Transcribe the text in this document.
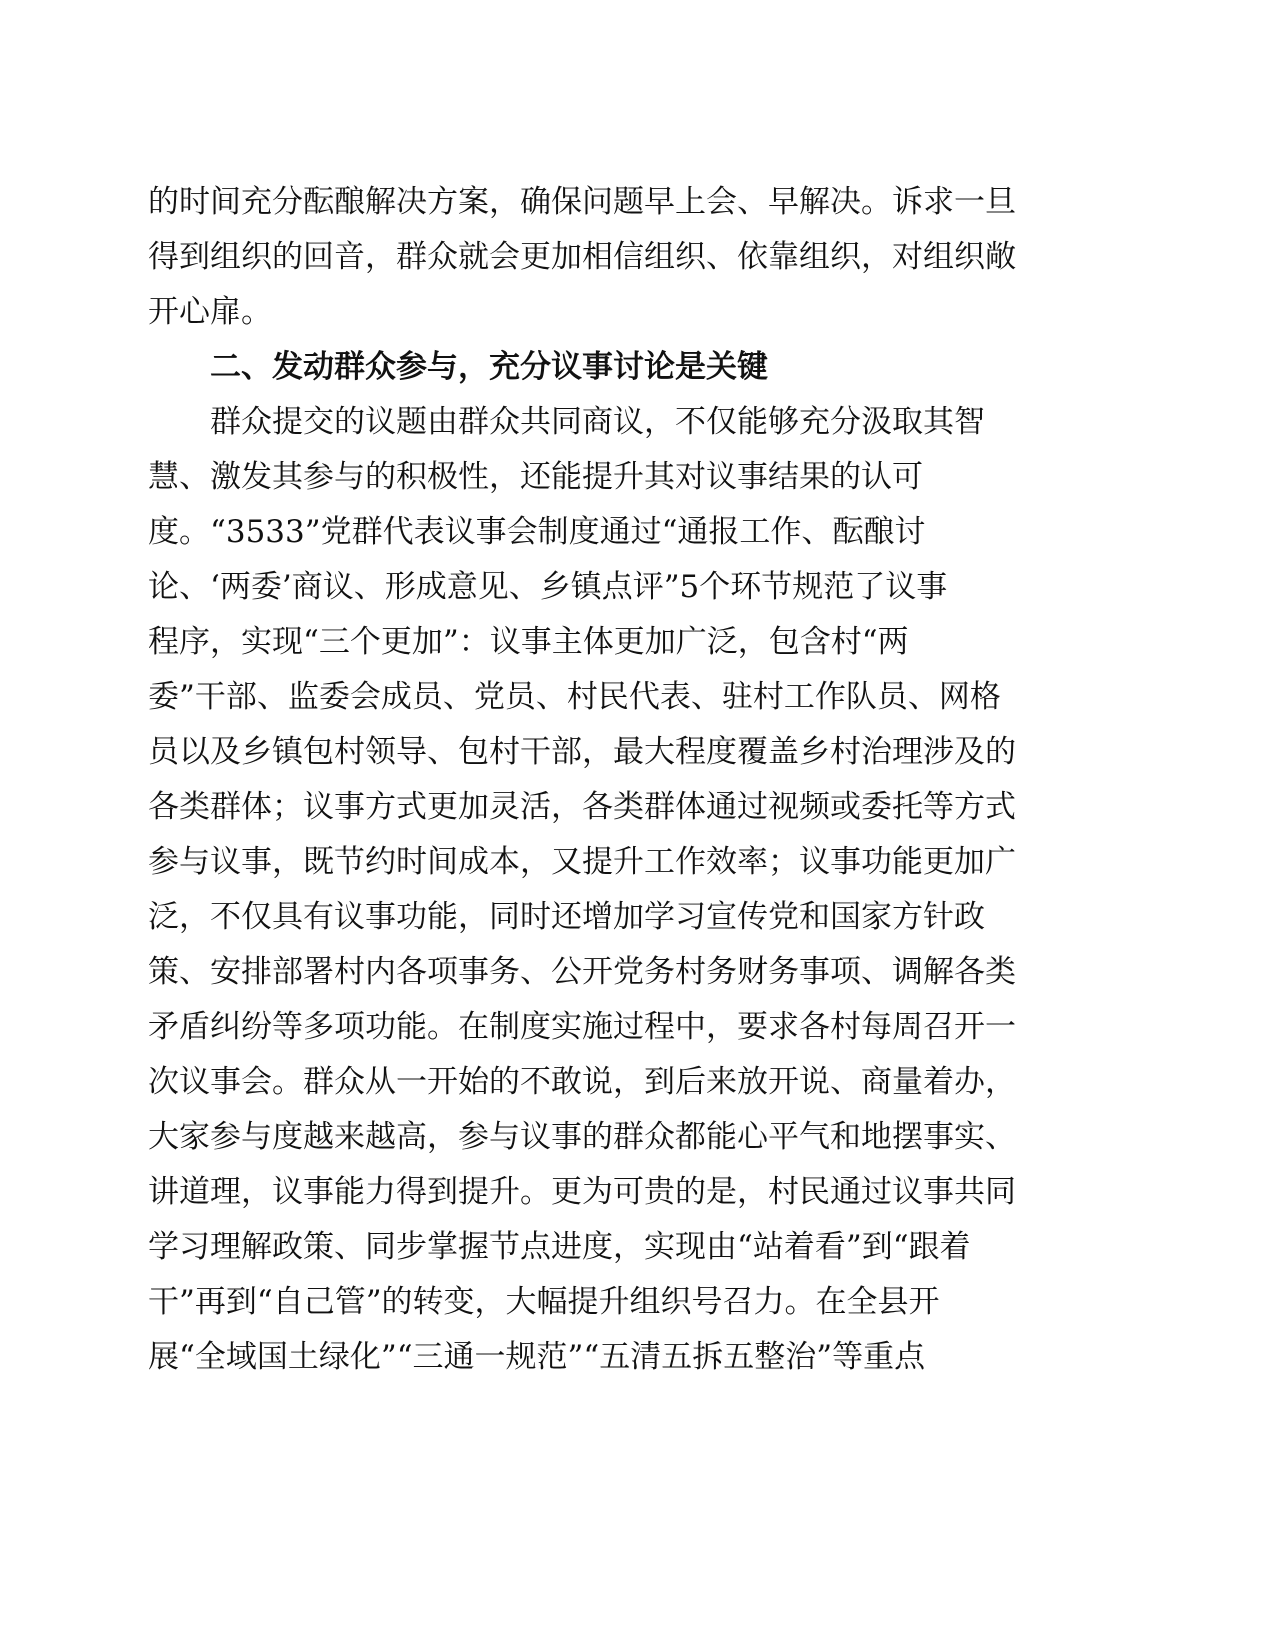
的时间充分酝酿解决方案，确保问题早上会、早解决。诉求一旦
得到组织的回音，群众就会更加相信组织、依靠组织，对组织敞
开心扉。
二、发动群众参与，充分议事讨论是关键
群众提交的议题由群众共同商议，不仅能够充分汲取其智
慧、激发其参与的积极性，还能提升其对议事结果的认可
度。“3533”党群代表议事会制度通过“通报工作、酝酿讨
论、‘两委’商议、形成意见、乡镇点评”5个环节规范了议事
程序，实现“三个更加”：议事主体更加广泛，包含村“两
委”干部、监委会成员、党员、村民代表、驻村工作队员、网格
员以及乡镇包村领导、包村干部，最大程度覆盖乡村治理涉及的
各类群体；议事方式更加灵活，各类群体通过视频或委托等方式
参与议事，既节约时间成本，又提升工作效率；议事功能更加广
泛，不仅具有议事功能，同时还增加学习宣传党和国家方针政
策、安排部署村内各项事务、公开党务村务财务事项、调解各类
矛盾纠纷等多项功能。在制度实施过程中，要求各村每周召开一
次议事会。群众从一开始的不敢说，到后来放开说、商量着办，
大家参与度越来越高，参与议事的群众都能心平气和地摆事实、
讲道理，议事能力得到提升。更为可贵的是，村民通过议事共同
学习理解政策、同步掌握节点进度，实现由“站着看”到“跟着
干”再到“自己管”的转变，大幅提升组织号召力。在全县开
展“全域国土绿化”“三通一规范”“五清五拆五整治”等重点
